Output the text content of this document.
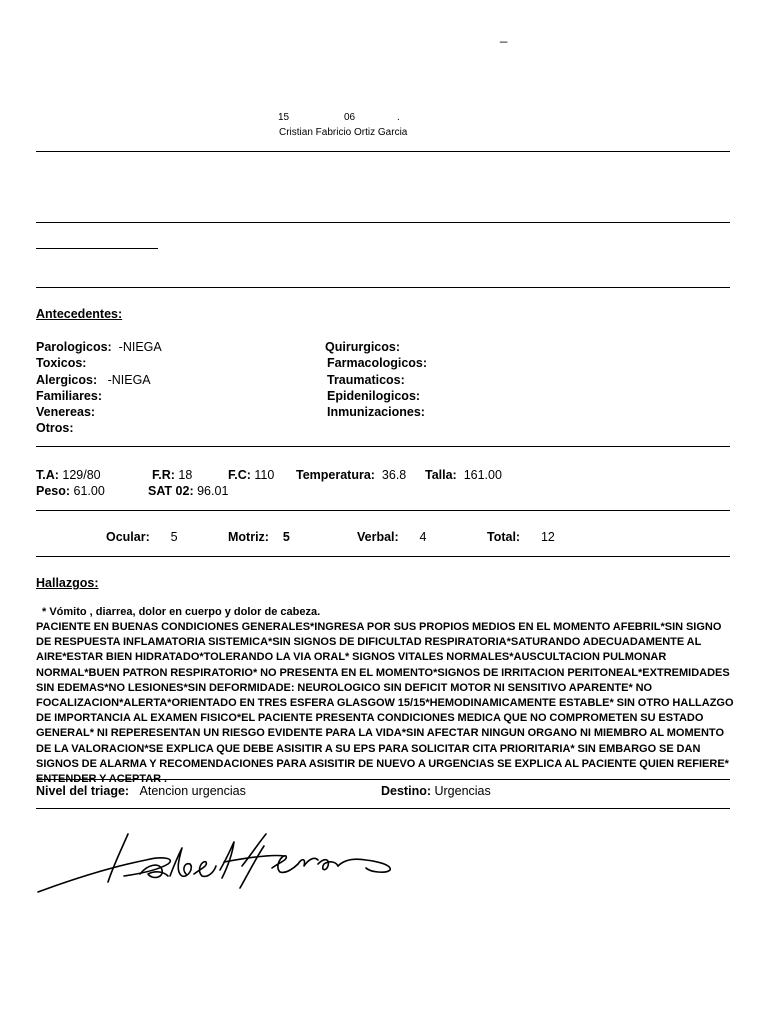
_
15	06	.
Cristian Fabricio Ortiz Garcia
Antecedentes:
Parologicos: -NIEGA
Toxicos:
Alergicos: -NIEGA
Familiares:
Venereas:
Otros:
Quirurgicos:
Farmacologicos:
Traumaticos:
Epidenilogicos:
Inmunizaciones:
T.A: 129/80	F.R: 18	F.C: 110 Temperatura: 36.8 Talla: 161.00
Peso: 61.00	SAT 02: 96.01
Ocular: 5	Motriz: 5	Verbal: 4	Total: 12
Hallazgos:
* Vómito , diarrea, dolor en cuerpo y dolor de cabeza.
PACIENTE EN BUENAS CONDICIONES GENERALES*INGRESA POR SUS PROPIOS MEDIOS EN EL MOMENTO AFEBRIL*SIN SIGNO DE RESPUESTA INFLAMATORIA SISTEMICA*SIN SIGNOS DE DIFICULTAD RESPIRATORIA*SATURANDO ADECUADAMENTE AL AIRE*ESTAR BIEN HIDRATADO*TOLERANDO LA VIA ORAL* SIGNOS VITALES NORMALES*AUSCULTACION PULMONAR NORMAL*BUEN PATRON RESPIRATORIO* NO PRESENTA EN EL MOMENTO*SIGNOS DE IRRITACION PERITONEAL*EXTREMIDADES SIN EDEMAS*NO LESIONES*SIN DEFORMIDADE: NEUROLOGICO SIN DEFICIT MOTOR NI SENSITIVO APARENTE* NO FOCALIZACION*ALERTA*ORIENTADO EN TRES ESFERA GLASGOW 15/15*HEMODINAMICAMENTE ESTABLE* SIN OTRO HALLAZGO DE IMPORTANCIA AL EXAMEN FISICO*EL PACIENTE PRESENTA CONDICIONES MEDICA QUE NO COMPROMETEN SU ESTADO GENERAL* NI REPERESENTAN UN RIESGO EVIDENTE PARA LA VIDA*SIN AFECTAR NINGUN ORGANO NI MIEMBRO AL MOMENTO DE LA VALORACION*SE EXPLICA QUE DEBE ASISITIR A SU EPS PARA SOLICITAR CITA PRIORITARIA* SIN EMBARGO SE DAN SIGNOS DE ALARMA Y RECOMENDACIONES PARA ASISITIR DE NUEVO A URGENCIAS SE EXPLICA AL PACIENTE QUIEN REFIERE* ENTENDER Y ACEPTAR .
Nivel del triage: Atencion urgencias	Destino: Urgencias
